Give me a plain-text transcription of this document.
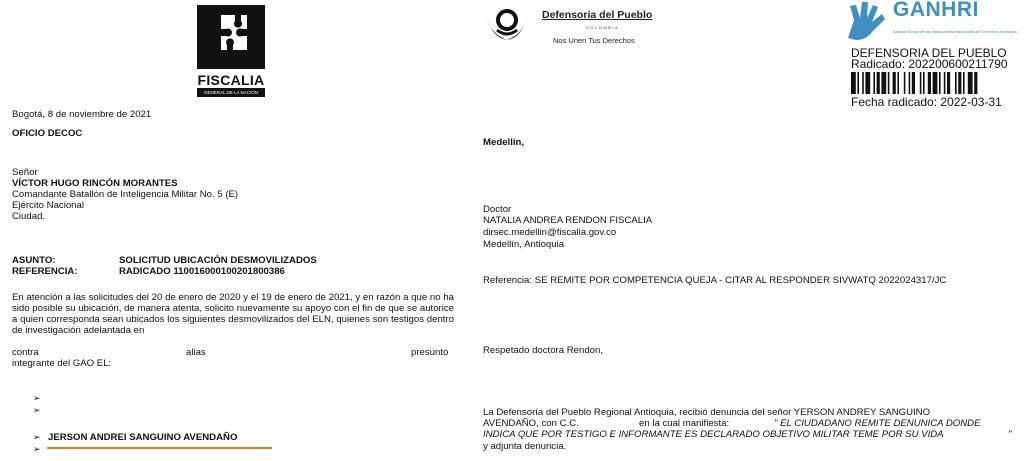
FISCALIA
GENERAL DE LA NACIÓN
Bogotá, 8 de noviembre de 2021
OFICIO DECOC
Señor
VÍCTOR HUGO RINCÓN MORANTES
Comandante Batallón de Inteligencia Militar No. 5 (E)
Ejército Nacional
Ciudad.
ASUNTO:	SOLICITUD UBICACIÓN DESMOVILIZADOS
REFERENCIA:	RADICADO 11001600010020180038​6
En atención a las solicitudes del 20 de enero de 2020 y el 19 de enero de 2021, y en razón a que no ha sido posible su ubicación, de manera atenta, solicito nuevamente su apoyo con el fin de que se autorice a quien corresponda sean ubicados los siguientes desmovilizados del ELN, quienes son testigos dentro de investigación adelantada en
contra	alias	presunto
integrante del GAO EL:
➢
➢
➢ JERSON ANDREI SANGUINO AVENDAÑO
➢
Defensoría del Pueblo
COLOMBIA
Nos Unen Tus Derechos
GANHRI
Alianza Global de las Instituciones Nacionales de Derechos Humanos
DEFENSORIA DEL PUEBLO
Radicado: 20220060021179​0
Fecha radicado: 2022-03-31
Medellín,
Doctor
NATALIA ANDREA RENDON FISCALIA
dirsec.medellin@fiscalia.gov.co
Medellín, Antioquia
Referencia: SE REMITE POR COMPETENCIA QUEJA - CITAR AL RESPONDER SIVWATQ 2022024317/JC
Respetado doctora Rendon,
La Defensoría del Pueblo Regional Antioquia, recibió denuncia del señor YERSON ANDREY SANGUINO
AVENDAÑO, con C.C.	en la cual manifiesta:	" EL CIUDADANO REMITE DENUNICA DONDE
INDICA QUE POR TESTIGO E INFORMANTE ES DECLARADO OBJETIVO MILITAR TEME POR SU VIDA	"
y adjunta denuncia.
